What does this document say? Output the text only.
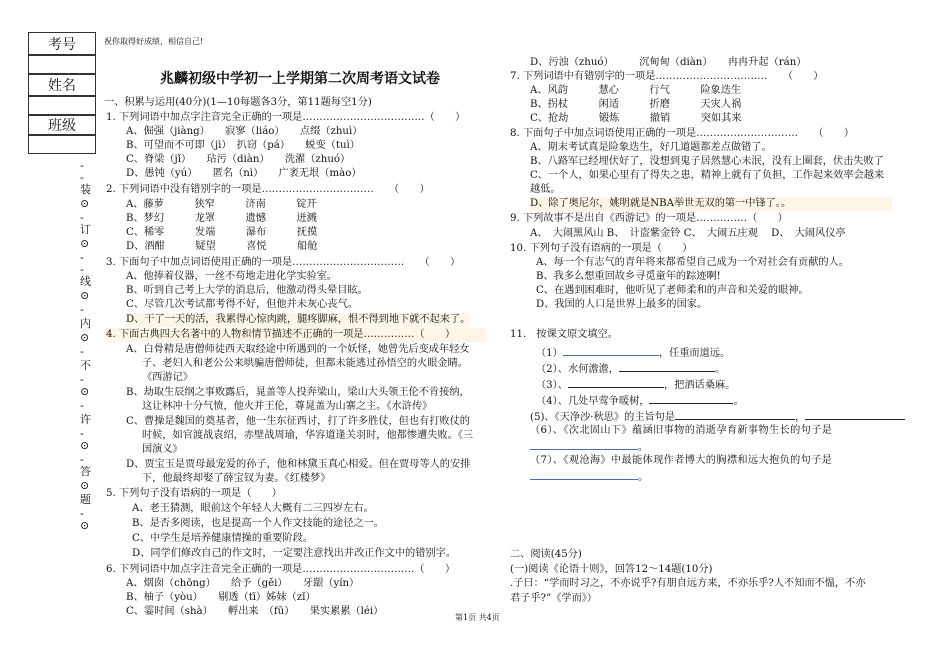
考号
姓名
班级
-
-
装
⊙
-
订
⊙
-
-
线
⊙
-
内
⊙
-
不
-
⊙
-
许
-
⊙
-
答
⊙
题
-
⊙
祝你取得好成绩，相信自己!
兆麟初级中学初一上学期第二次周考语文试卷
一、积累与运用(40分)(1—10每题各3分，第11题每空1分)
1. 下列词语中加点字注音完全正确的一项是………………………………（　　）
A、倔强（jiàng）　　寂寥（liáo）　　点缀（zhuì）
B、可望而不可即（jì）　扒窃（pá）　　蜕变（tuì）
C、脊梁（jǐ）　　玷污（diàn）　　洗濯（zhuó）
D、愚钝（yú）　　匿名（nì）　　广袤无垠（mào）
2. 下列词语中没有错别字的一项是……………………………　　（　　）
A、藤萝　　　狭窄　　　济南　　　锭开
B、梦幻　　　龙罩　　　遗憾　　　迸溅
C、稀零　　　发端　　　瀑布　　　抚摸
D、酒酣　　　疑望　　　喜悦　　　船舱
3. 下面句子中加点词语使用正确的一项是……………………………　　（　　）
A、他捧着仪器，一丝不苟地走进化学实验室。
B、听到自己考上大学的消息后，他激动得头晕目眩。
C、尽管几次考试都考得不好，但他并未灰心丧气。
D、干了一天的活，我累得心惊肉跳，腿疼脚麻，恨不得到地下就不起来了。
4. 下面古典四大名著中的人物和情节描述不正确的一项是……………（　　）
A、白骨精是唐僧师徒西天取经途中所遇到的一个妖怪，她曾先后变成年轻女
子、老妇人和老公公来哄骗唐僧师徒，但都未能逃过孙悟空的火眼金睛。
《西游记》
B、劫取生辰纲之事败露后，晁盖等人投奔梁山，梁山大头领王伦不肯接纳，
这让林冲十分气愤，他火并王伦，尊晁盖为山寨之主。《水浒传》
C、曹操是魏国的奠基者，他一生东征西讨，打了许多胜仗，但也有打败仗的
时候，如官渡战袁绍，赤壁战周瑜，华容道逢关羽时，他都惨遭失败。《三
国演义》
D、贾宝玉是贾母最宠爱的孙子，他和林黛玉真心相爱。但在贾母等人的安排
下，他最终却娶了薛宝钗为妻。《红楼梦》
5. 下列句子没有语病的一项是（　　）
A、老王猜测，眼前这个年轻人大概有二三四岁左右。
B、是否多阅读，也是提高一个人作文技能的途径之一。
C、中学生是培养健康情操的重要阶段。
D、同学们修改自己的作文时，一定要注意找出并改正作文中的错别字。
6. 下列词语中加点字注音完全正确的一项是……………………………（　　）
A、烟囱（chōng）　　给予（gěi）　　牙龈（yín）
B、柚子（yòu）　　剔透（tī）姊妹（zǐ）
C、霎时间（shà）　　孵出来　（fū）　　果实累累（léi）
D、污浊（zhuó）　　　沉甸甸（diàn）　　冉冉升起（rán）
7. 下列词语中有错别字的一项是……………………………　　（　　）
A、风韵　　　慧心　　　行气　　　险象迭生
B、拐杖　　　闲适　　　折磨　　　天灾人祸
C、抢劫　　　锻炼　　　撤销　　　突如其来
8. 下面句子中加点词语使用正确的一项是…………………………　　（　　）
A、期末考试真是险象迭生，好几道题都差点做错了。
B、八路军已经埋伏好了，没想到鬼子居然慧心未泯，没有上圈套，伏击失败了
C、一个人，如果心里有了得失之患，精神上就有了负担，工作起来效率会越来
越低。
D、除了奥尼尔，姚明就是NBA举世无双的第一中锋了。。
9. 下列故事不是出自《西游记》的一项是……………（　　）
A、　大闹黑风山 B、　计盗紫金铃 C、　大闹五庄观　 D、　大闹风仪亭
10. 下列句子没有语病的一项是（　　）
A、每一个有志气的青年将来都希望自己成为一个对社会有贡献的人。
B、我多么想重回故乡寻觅童年的踪迹啊!
C、在遇到困难时，他听见了老师柔和的声音和关爱的眼神。
D、我国的人口是世界上最多的国家。
11.　按课文原文填空。
（1）	，任重而道远。
（2）、水何澹澹，	。
（3）、	，把酒话桑麻。
（4）、几处早莺争暖树，	。
(5)、《天净沙·秋思》的主旨句是	，
（6）、《次北固山下》蕴涵旧事物的消逝孕育新事物生长的句子是
。
（7）、《观沧海》中最能体现作者博大的胸襟和远大抱负的句子是
。
二、阅读(45分)
(一)阅读《论语十则》，回答12～14题(10分)
.子曰：“学而时习之，不亦说乎?有朋自远方来，不亦乐乎?人不知而不愠，不亦
君子乎?”《学而》）
第1页 共4页
